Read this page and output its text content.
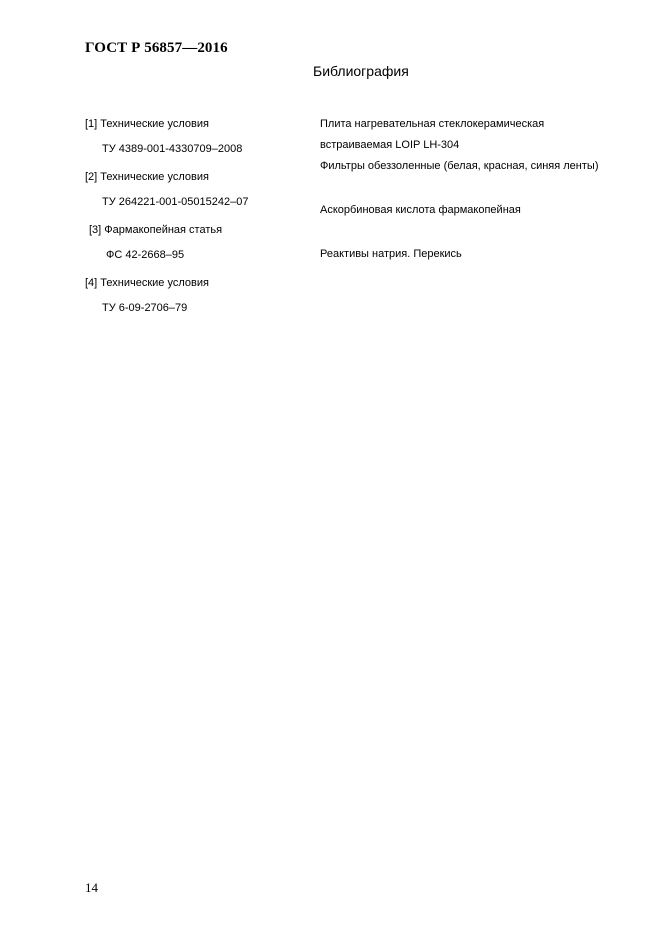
ГОСТ Р 56857—2016
Библиография
[1] Технические условия
ТУ 4389-001-4330709–2008
Плита нагревательная стеклокерамическая
встраиваемая LOIP LH-304
[2] Технические условия
ТУ 264221-001-05015242–07
Фильтры обеззоленные (белая, красная, синяя ленты)
[3] Фармакопейная статья
ФС 42-2668–95
Аскорбиновая кислота фармакопейная
[4] Технические условия
ТУ 6-09-2706–79
Реактивы натрия. Перекись
14
